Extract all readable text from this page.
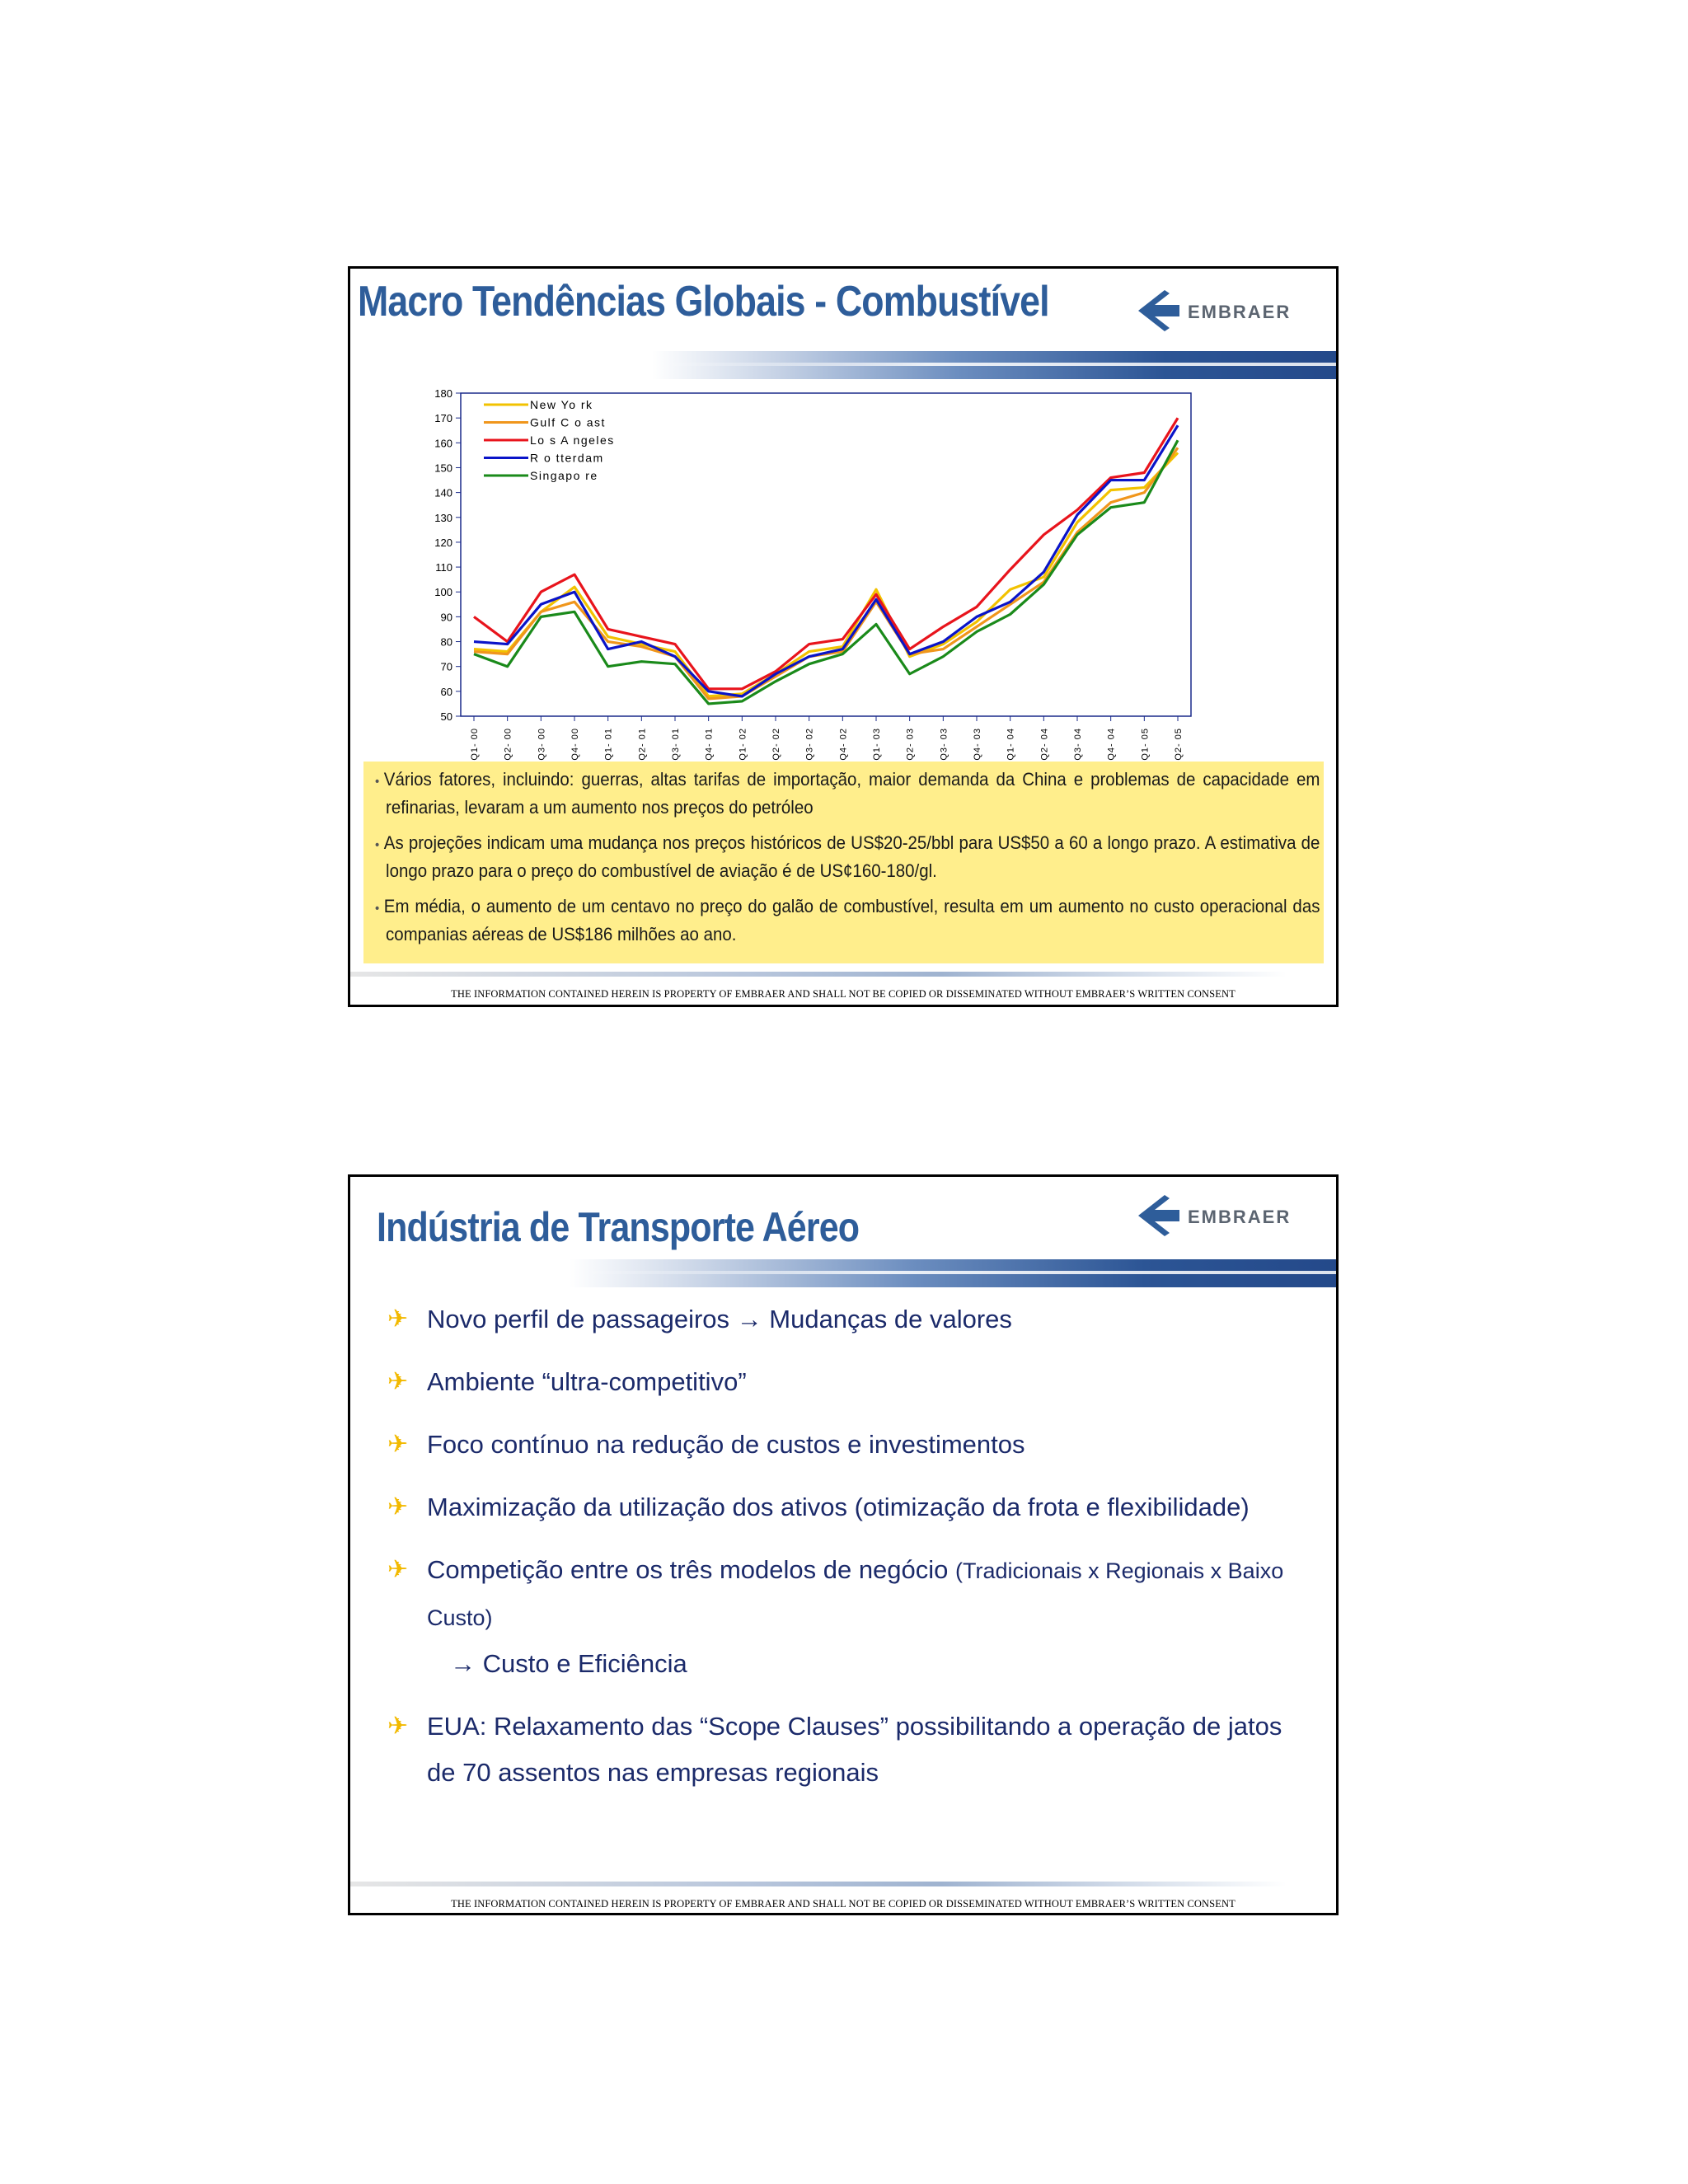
Macro Tendências Globais - Combustível	EMBRAER
50
60
70
80
90
100
110
120
130
140
150
160
170
180
Q1- 00	Q2- 00	Q3- 00	Q4- 00	Q1- 01	Q2- 01	Q3- 01	Q4- 01	Q1- 02	Q2- 02	Q3- 02	Q4- 02	Q1- 03	Q2- 03	Q3- 03	Q4- 03	Q1- 04	Q2- 04	Q3- 04	Q4- 04	Q1- 05	Q2- 05
New Yo rk
Gulf C o ast
Lo s A ngeles
R o tterdam
Singapo re

• Vários fatores, incluindo: guerras, altas tarifas de importação, maior demanda da China e problemas de capacidade em refinarias, levaram a um aumento nos preços do petróleo

• As projeções indicam uma mudança nos preços históricos de US$20-25/bbl para US$50 a 60 a longo prazo. A estimativa de longo prazo para o preço do combustível de aviação é de US¢160-180/gl.

• Em média, o aumento de um centavo no preço do galão de combustível, resulta em um aumento no custo operacional das companias aéreas de US$186 milhões ao ano.

THE INFORMATION CONTAINED HEREIN IS PROPERTY OF EMBRAER AND SHALL NOT BE COPIED OR DISSEMINATED WITHOUT EMBRAER’S WRITTEN CONSENT
Indústria de Transporte Aéreo	EMBRAER
✈ Novo perfil de passageiros → Mudanças de valores
✈ Ambiente “ultra-competitivo”
✈ Foco contínuo na redução de custos e investimentos
✈ Maximização da utilização dos ativos (otimização da frota e flexibilidade)
✈ Competição entre os três modelos de negócio (Tradicionais x Regionais x Baixo Custo)
→ Custo e Eficiência
✈ EUA: Relaxamento das “Scope Clauses” possibilitando a operação de jatos de 70 assentos nas empresas regionais
THE INFORMATION CONTAINED HEREIN IS PROPERTY OF EMBRAER AND SHALL NOT BE COPIED OR DISSEMINATED WITHOUT EMBRAER’S WRITTEN CONSENT
